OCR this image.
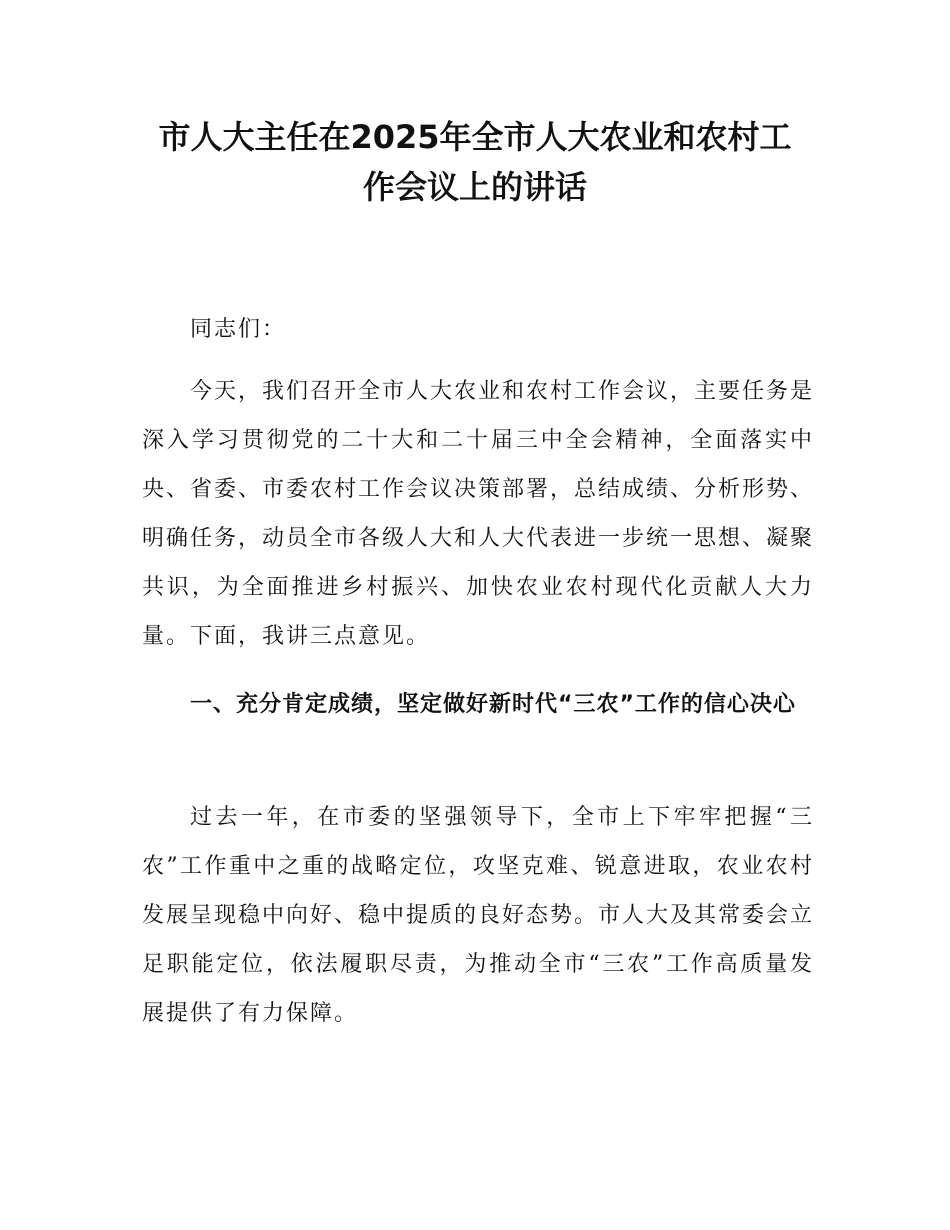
市人大主任在2025年全市人大农业和农村工
作会议上的讲话
同志们：
今天，我们召开全市人大农业和农村工作会议，主要任务是深入学习贯彻党的二十大和二十届三中全会精神，全面落实中央、省委、市委农村工作会议决策部署，总结成绩、分析形势、明确任务，动员全市各级人大和人大代表进一步统一思想、凝聚共识，为全面推进乡村振兴、加快农业农村现代化贡献人大力量。下面，我讲三点意见。
一、充分肯定成绩，坚定做好新时代“三农”工作的信心决心
过去一年，在市委的坚强领导下，全市上下牢牢把握“三农”工作重中之重的战略定位，攻坚克难、锐意进取，农业农村发展呈现稳中向好、稳中提质的良好态势。市人大及其常委会立足职能定位，依法履职尽责，为推动全市“三农”工作高质量发展提供了有力保障。
